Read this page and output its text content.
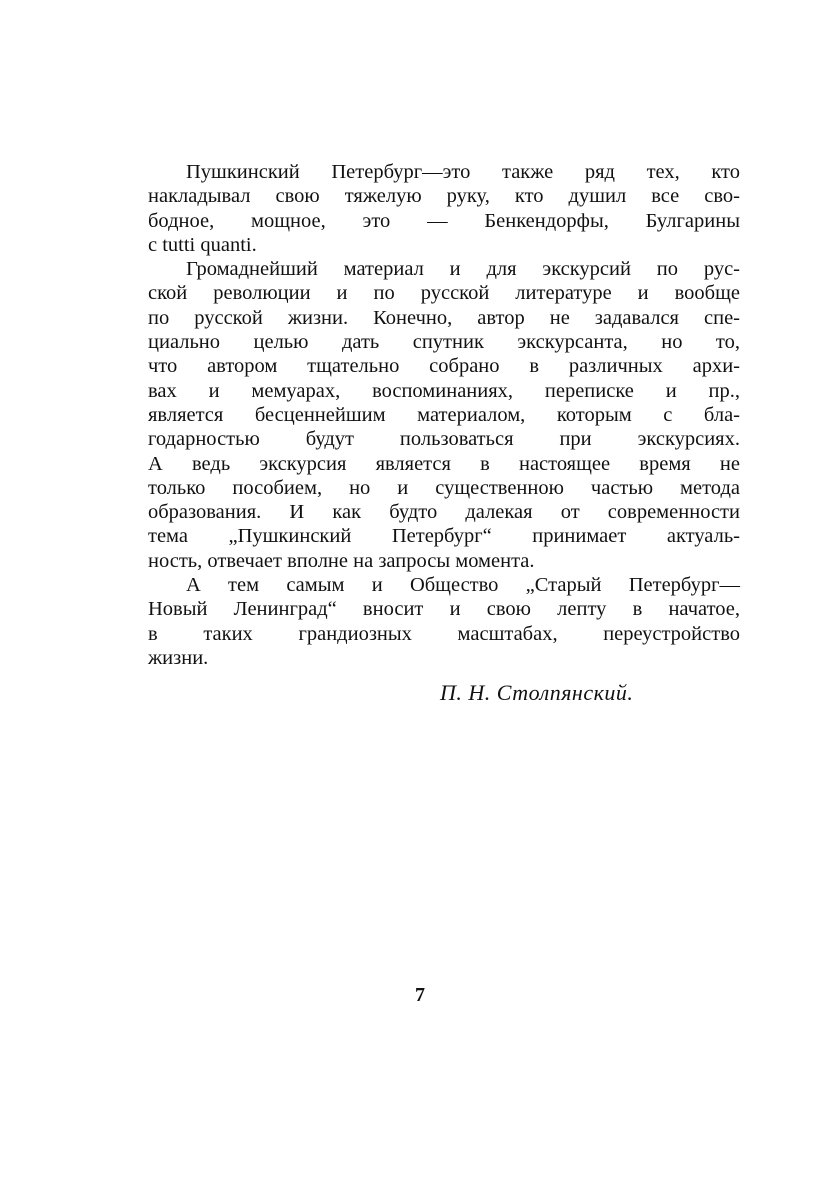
Пушкинский Петербург—это также ряд тех, кто
накладывал свою тяжелую руку, кто душил все сво-
бодное, мощное, это — Бенкендорфы, Булгарины
с tutti quanti.

Громаднейший материал и для экскурсий по рус-
ской революции и по русской литературе и вообще
по русской жизни. Конечно, автор не задавался спе-
циально целью дать спутник экскурсанта, но то,
что автором тщательно собрано в различных архи-
вах и мемуарах, воспоминаниях, переписке и пр.,
является бесценнейшим материалом, которым с бла-
годарностью будут пользоваться при экскурсиях.
А ведь экскурсия является в настоящее время не
только пособием, но и существенною частью метода
образования. И как будто далекая от современности
тема „Пушкинский Петербург“ принимает актуаль-
ность, отвечает вполне на запросы момента.

А тем самым и Общество „Старый Петербург—
Новый Ленинград“ вносит и свою лепту в начатое,
в таких грандиозных масштабах, переустройство
жизни.

П. Н. Столпянский.
7
